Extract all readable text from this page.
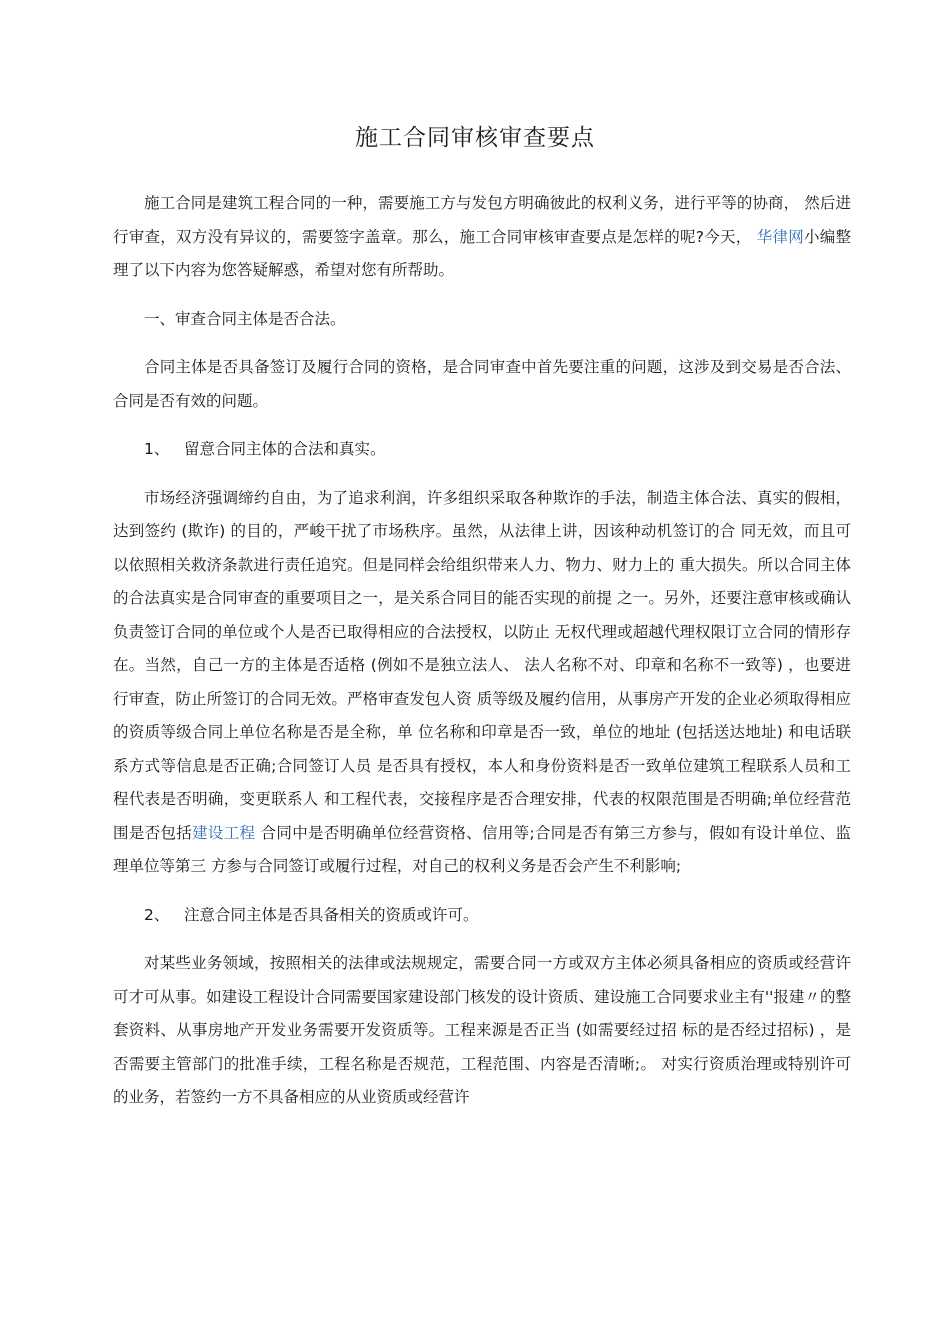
施工合同审核审查要点

施工合同是建筑工程合同的一种，需要施工方与发包方明确彼此的权利义务，进行平等的协商， 然后进行审查，双方没有异议的，需要签字盖章。那么，施工合同审核审查要点是怎样的呢?今天， 华律网小编整理了以下内容为您答疑解惑，希望对您有所帮助。

一、审查合同主体是否合法。

合同主体是否具备签订及履行合同的资格，是合同审查中首先要注重的问题，这涉及到交易是否合法、合同是否有效的问题。

1、 留意合同主体的合法和真实。

市场经济强调缔约自由，为了追求利润，许多组织采取各种欺诈的手法，制造主体合法、真实的假相，达到签约 (欺诈) 的目的，严峻干扰了市场秩序。虽然，从法律上讲，因该种动机签订的合 同无效，而且可以依照相关救济条款进行责任追究。但是同样会给组织带来人力、物力、财力上的 重大损失。所以合同主体的合法真实是合同审查的重要项目之一，是关系合同目的能否实现的前提 之一。另外，还要注意审核或确认负责签订合同的单位或个人是否已取得相应的合法授权，以防止 无权代理或超越代理权限订立合同的情形存在。当然，自己一方的主体是否适格 (例如不是独立法人、 法人名称不对、印章和名称不一致等) ，也要进行审查，防止所签订的合同无效。严格审查发包人资 质等级及履约信用，从事房产开发的企业必须取得相应的资质等级合同上单位名称是否是全称，单 位名称和印章是否一致，单位的地址 (包括送达地址) 和电话联系方式等信息是否正确;合同签订人员 是否具有授权，本人和身份资料是否一致单位建筑工程联系人员和工程代表是否明确，变更联系人 和工程代表，交接程序是否合理安排，代表的权限范围是否明确;单位经营范围是否包括建设工程 合同中是否明确单位经营资格、信用等;合同是否有第三方参与，假如有设计单位、监理单位等第三 方参与合同签订或履行过程，对自己的权利义务是否会产生不利影响;

2、 注意合同主体是否具备相关的资质或许可。

对某些业务领域，按照相关的法律或法规规定，需要合同一方或双方主体必须具备相应的资质或经营许可才可从事。如建设工程设计合同需要国家建设部门核发的设计资质、建设施工合同要求业主有''报建〃的整套资料、从事房地产开发业务需要开发资质等。工程来源是否正当 (如需要经过招 标的是否经过招标) ，是否需要主管部门的批准手续，工程名称是否规范，工程范围、内容是否清晰;。 对实行资质治理或特别许可的业务，若签约一方不具备相应的从业资质或经营许
